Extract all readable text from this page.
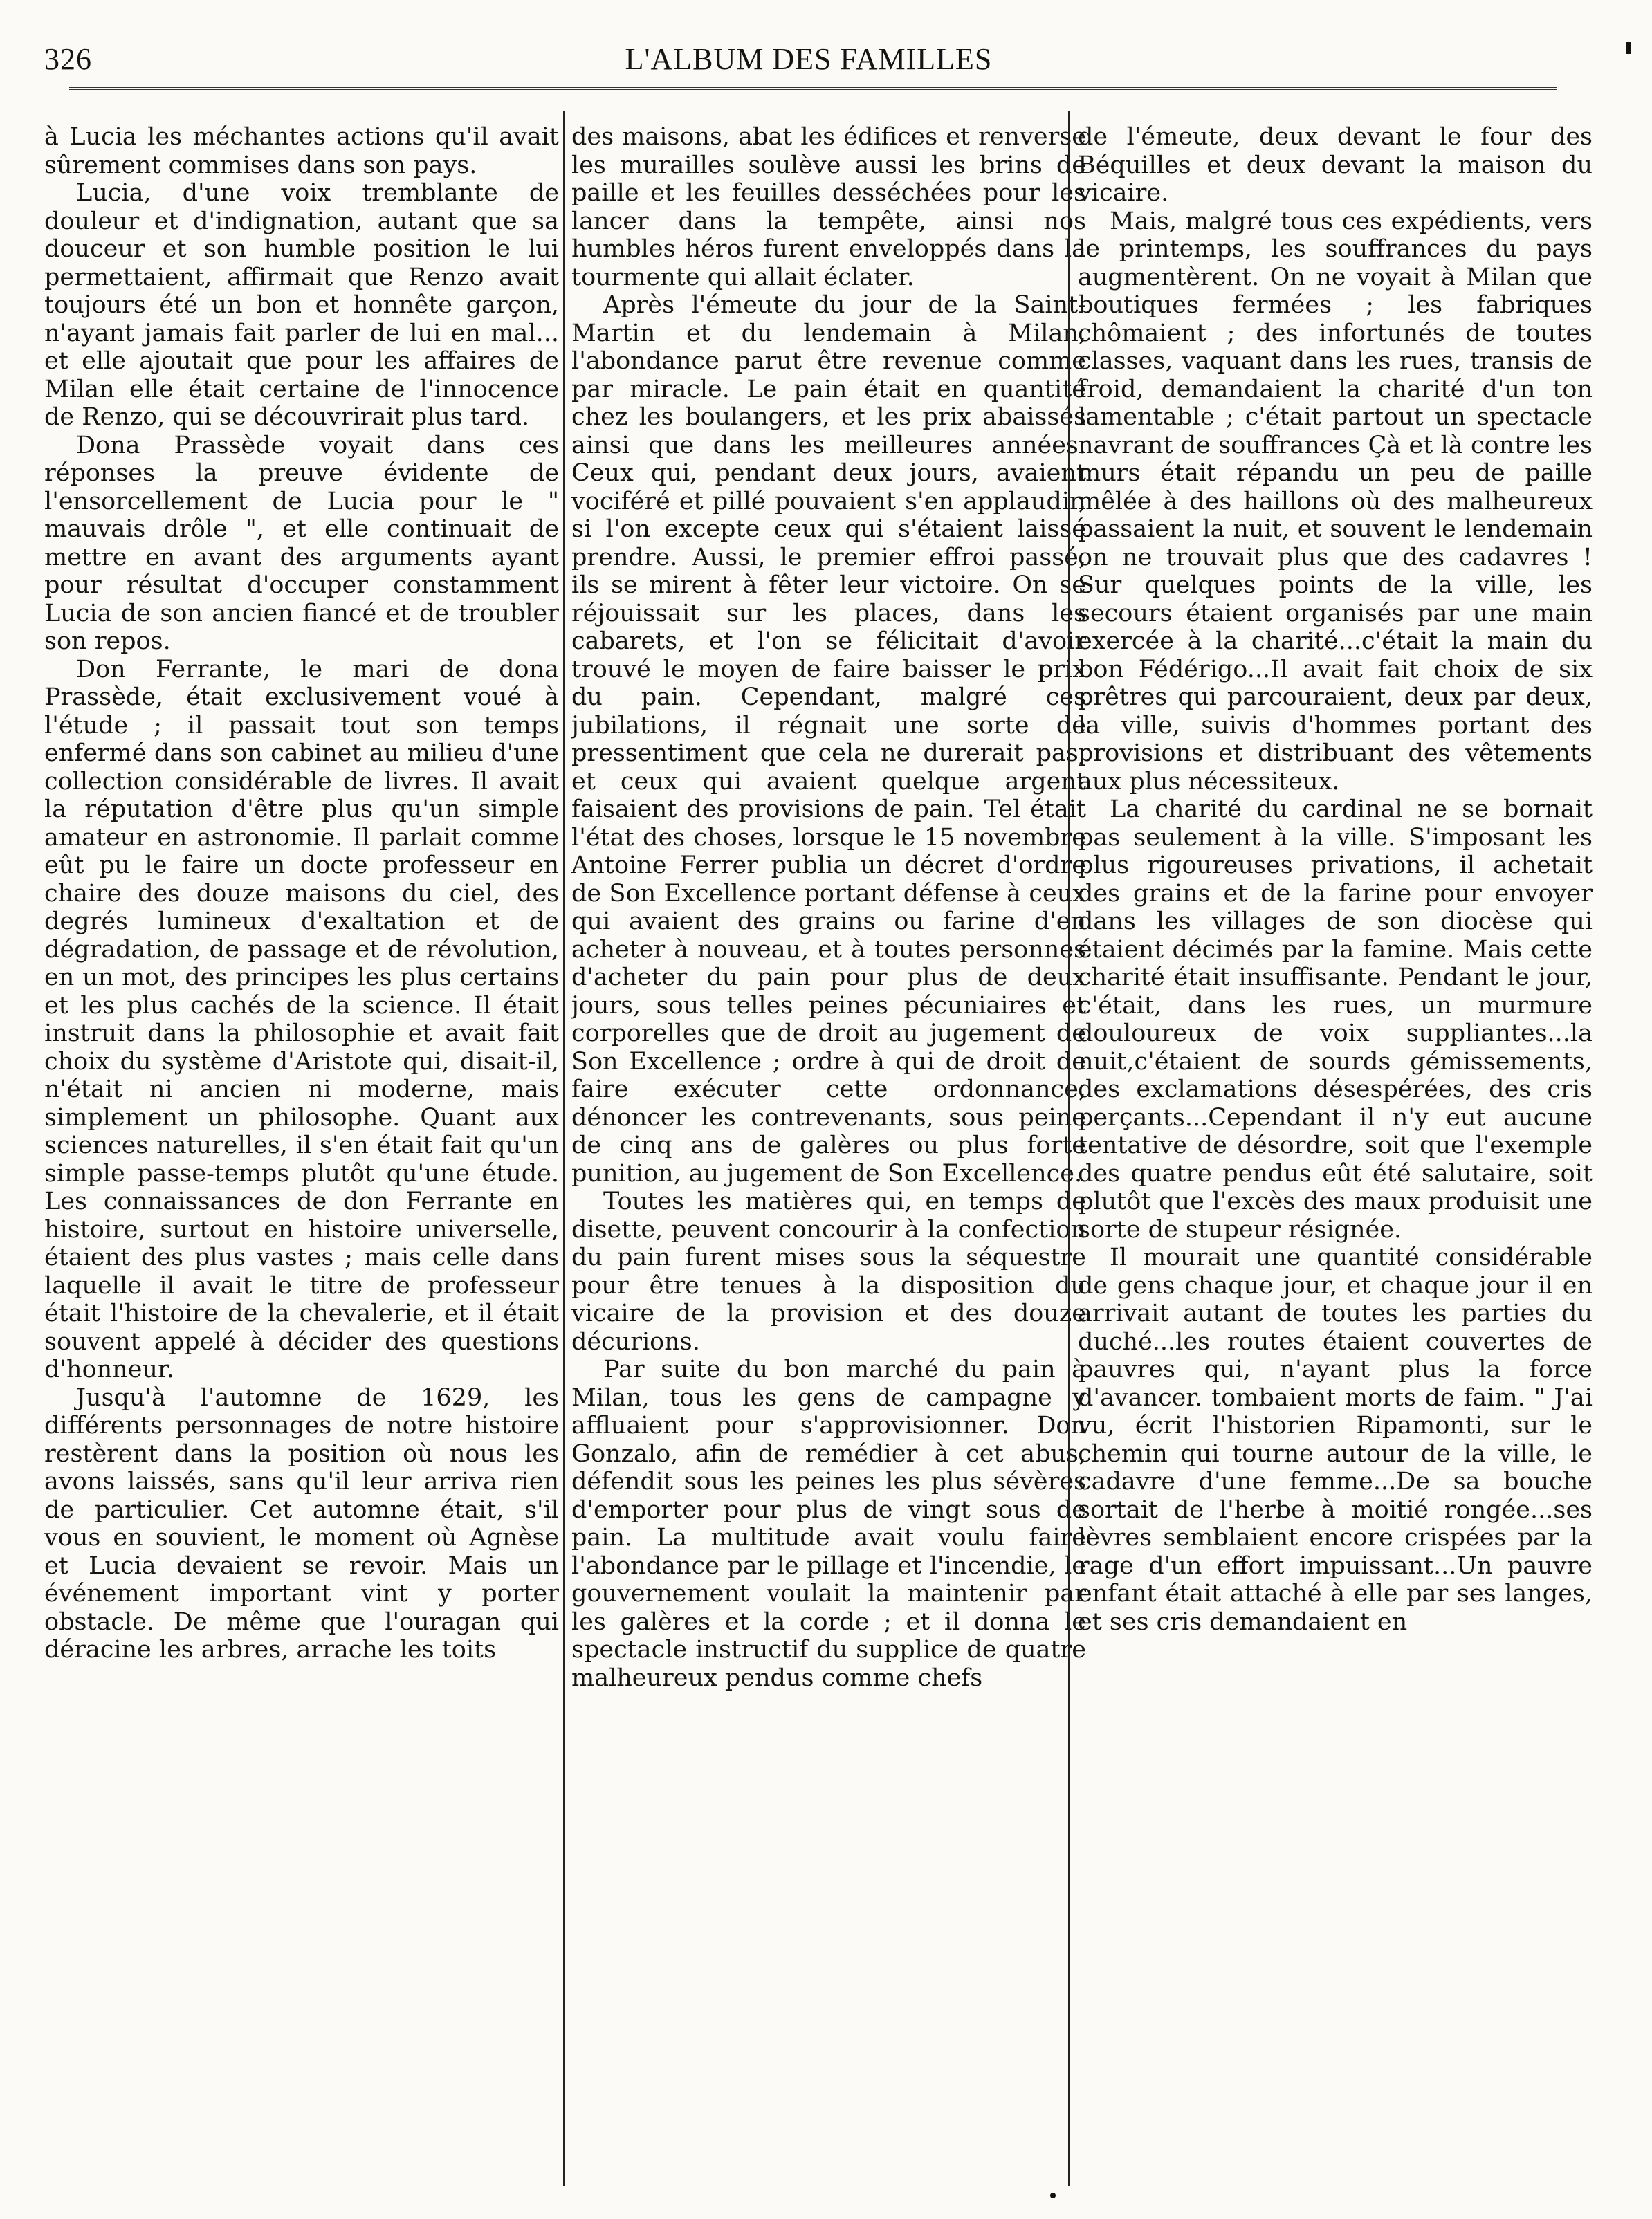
326	L'ALBUM DES FAMILLES

à Lucia les méchantes actions qu'il avait sûrement commises dans son pays.

Lucia, d'une voix tremblante de douleur et d'indignation, autant que sa douceur et son humble position le lui permettaient, affirmait que Renzo avait toujours été un bon et honnête garçon, n'ayant jamais fait parler de lui en mal... et elle ajoutait que pour les affaires de Milan elle était certaine de l'innocence de Renzo, qui se découvrirait plus tard.

Dona Prassède voyait dans ces réponses la preuve évidente de l'ensorcellement de Lucia pour le " mauvais drôle ", et elle continuait de mettre en avant des arguments ayant pour résultat d'occuper constamment Lucia de son ancien fiancé et de troubler son repos.

Don Ferrante, le mari de dona Prassède, était exclusivement voué à l'étude ; il passait tout son temps enfermé dans son cabinet au milieu d'une collection considérable de livres. Il avait la réputation d'être plus qu'un simple amateur en astronomie. Il parlait comme eût pu le faire un docte professeur en chaire des douze maisons du ciel, des degrés lumineux d'exaltation et de dégradation, de passage et de révolution, en un mot, des principes les plus certains et les plus cachés de la science. Il était instruit dans la philosophie et avait fait choix du système d'Aristote qui, disait-il, n'était ni ancien ni moderne, mais simplement un philosophe. Quant aux sciences naturelles, il s'en était fait qu'un simple passe-temps plutôt qu'une étude. Les connaissances de don Ferrante en histoire, surtout en histoire universelle, étaient des plus vastes ; mais celle dans laquelle il avait le titre de professeur était l'histoire de la chevalerie, et il était souvent appelé à décider des questions d'honneur.

Jusqu'à l'automne de 1629, les différents personnages de notre histoire restèrent dans la position où nous les avons laissés, sans qu'il leur arriva rien de particulier. Cet automne était, s'il vous en souvient, le moment où Agnèse et Lucia devaient se revoir. Mais un événement important vint y porter obstacle. De même que l'ouragan qui déracine les arbres, arrache les toits

des maisons, abat les édifices et renverse les murailles soulève aussi les brins de paille et les feuilles desséchées pour les lancer dans la tempête, ainsi nos humbles héros furent enveloppés dans la tourmente qui allait éclater.

Après l'émeute du jour de la Saint-Martin et du lendemain à Milan, l'abondance parut être revenue comme par miracle. Le pain était en quantité chez les boulangers, et les prix abaissés ainsi que dans les meilleures années. Ceux qui, pendant deux jours, avaient vociféré et pillé pouvaient s'en applaudir, si l'on excepte ceux qui s'étaient laissé prendre. Aussi, le premier effroi passé, ils se mirent à fêter leur victoire. On se réjouissait sur les places, dans les cabarets, et l'on se félicitait d'avoir trouvé le moyen de faire baisser le prix du pain. Cependant, malgré ces jubilations, il régnait une sorte de pressentiment que cela ne durerait pas, et ceux qui avaient quelque argent faisaient des provisions de pain. Tel était l'état des choses, lorsque le 15 novembre Antoine Ferrer publia un décret d'ordre de Son Excellence portant défense à ceux qui avaient des grains ou farine d'en acheter à nouveau, et à toutes personnes d'acheter du pain pour plus de deux jours, sous telles peines pécuniaires et corporelles que de droit au jugement de Son Excellence ; ordre à qui de droit de faire exécuter cette ordonnance, dénoncer les contrevenants, sous peine de cinq ans de galères ou plus forte punition, au jugement de Son Excellence.

Toutes les matières qui, en temps de disette, peuvent concourir à la confection du pain furent mises sous la séquestre pour être tenues à la disposition du vicaire de la provision et des douze décurions.

Par suite du bon marché du pain à Milan, tous les gens de campagne y affluaient pour s'approvisionner. Don Gonzalo, afin de remédier à cet abus, défendit sous les peines les plus sévères d'emporter pour plus de vingt sous de pain. La multitude avait voulu faire l'abondance par le pillage et l'incendie, le gouvernement voulait la maintenir par les galères et la corde ; et il donna le spectacle instructif du supplice de quatre malheureux pendus comme chefs

de l'émeute, deux devant le four des Béquilles et deux devant la maison du vicaire.

Mais, malgré tous ces expédients, vers le printemps, les souffrances du pays augmentèrent. On ne voyait à Milan que boutiques fermées ; les fabriques chômaient ; des infortunés de toutes classes, vaquant dans les rues, transis de froid, demandaient la charité d'un ton lamentable ; c'était partout un spectacle navrant de souffrances Çà et là contre les murs était répandu un peu de paille mêlée à des haillons où des malheureux passaient la nuit, et souvent le lendemain on ne trouvait plus que des cadavres ! Sur quelques points de la ville, les secours étaient organisés par une main exercée à la charité...c'était la main du bon Fédérigo...Il avait fait choix de six prêtres qui parcouraient, deux par deux, la ville, suivis d'hommes portant des provisions et distribuant des vêtements aux plus nécessiteux.

La charité du cardinal ne se bornait pas seulement à la ville. S'imposant les plus rigoureuses privations, il achetait des grains et de la farine pour envoyer dans les villages de son diocèse qui étaient décimés par la famine. Mais cette charité était insuffisante. Pendant le jour, c'était, dans les rues, un murmure douloureux de voix suppliantes...la nuit,c'étaient de sourds gémissements, des exclamations désespérées, des cris perçants...Cependant il n'y eut aucune tentative de désordre, soit que l'exemple des quatre pendus eût été salutaire, soit plutôt que l'excès des maux produisit une sorte de stupeur résignée.

Il mourait une quantité considérable de gens chaque jour, et chaque jour il en arrivait autant de toutes les parties du duché...les routes étaient couvertes de pauvres qui, n'ayant plus la force d'avancer. tombaient morts de faim. " J'ai vu, écrit l'historien Ripamonti, sur le chemin qui tourne autour de la ville, le cadavre d'une femme...De sa bouche sortait de l'herbe à moitié rongée...ses lèvres semblaient encore crispées par la rage d'un effort impuissant...Un pauvre enfant était attaché à elle par ses langes, et ses cris demandaient en
